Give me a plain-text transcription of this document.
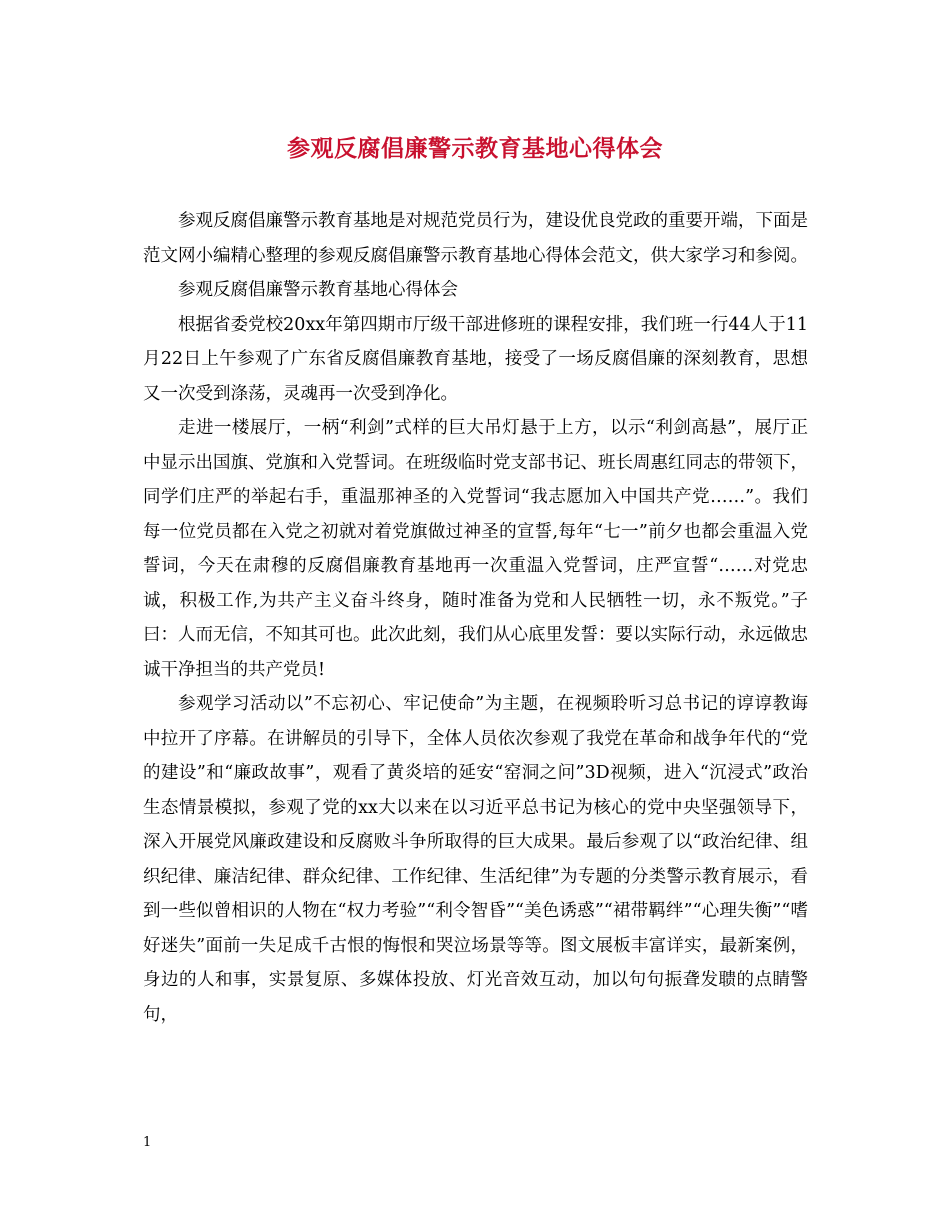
参观反腐倡廉警示教育基地心得体会

参观反腐倡廉警示教育基地是对规范党员行为，建设优良党政的重要开端，下面是范文网小编精心整理的参观反腐倡廉警示教育基地心得体会范文，供大家学习和参阅。

参观反腐倡廉警示教育基地心得体会

根据省委党校20xx年第四期市厅级干部进修班的课程安排，我们班一行44人于11月22日上午参观了广东省反腐倡廉教育基地，接受了一场反腐倡廉的深刻教育，思想又一次受到涤荡，灵魂再一次受到净化。

走进一楼展厅，一柄“利剑”式样的巨大吊灯悬于上方，以示“利剑高悬”，展厅正中显示出国旗、党旗和入党誓词。在班级临时党支部书记、班长周惠红同志的带领下，同学们庄严的举起右手，重温那神圣的入党誓词“我志愿加入中国共产党……”。我们每一位党员都在入党之初就对着党旗做过神圣的宣誓,每年“七一”前夕也都会重温入党誓词，今天在肃穆的反腐倡廉教育基地再一次重温入党誓词，庄严宣誓“……对党忠诚，积极工作,为共产主义奋斗终身，随时准备为党和人民牺牲一切，永不叛党。”子曰：人而无信，不知其可也。此次此刻，我们从心底里发誓：要以实际行动，永远做忠诚干净担当的共产党员!

参观学习活动以”不忘初心、牢记使命”为主题，在视频聆听习总书记的谆谆教诲中拉开了序幕。在讲解员的引导下，全体人员依次参观了我党在革命和战争年代的“党的建设”和“廉政故事”，观看了黄炎培的延安“窑洞之问”3D视频，进入“沉浸式”政治生态情景模拟，参观了党的xx大以来在以习近平总书记为核心的党中央坚强领导下，深入开展党风廉政建设和反腐败斗争所取得的巨大成果。最后参观了以“政治纪律、组织纪律、廉洁纪律、群众纪律、工作纪律、生活纪律”为专题的分类警示教育展示，看到一些似曾相识的人物在“权力考验”“利令智昏”“美色诱惑”“裙带羁绊”“心理失衡”“嗜好迷失”面前一失足成千古恨的悔恨和哭泣场景等等。图文展板丰富详实，最新案例，身边的人和事，实景复原、多媒体投放、灯光音效互动，加以句句振聋发聩的点睛警句，

1
